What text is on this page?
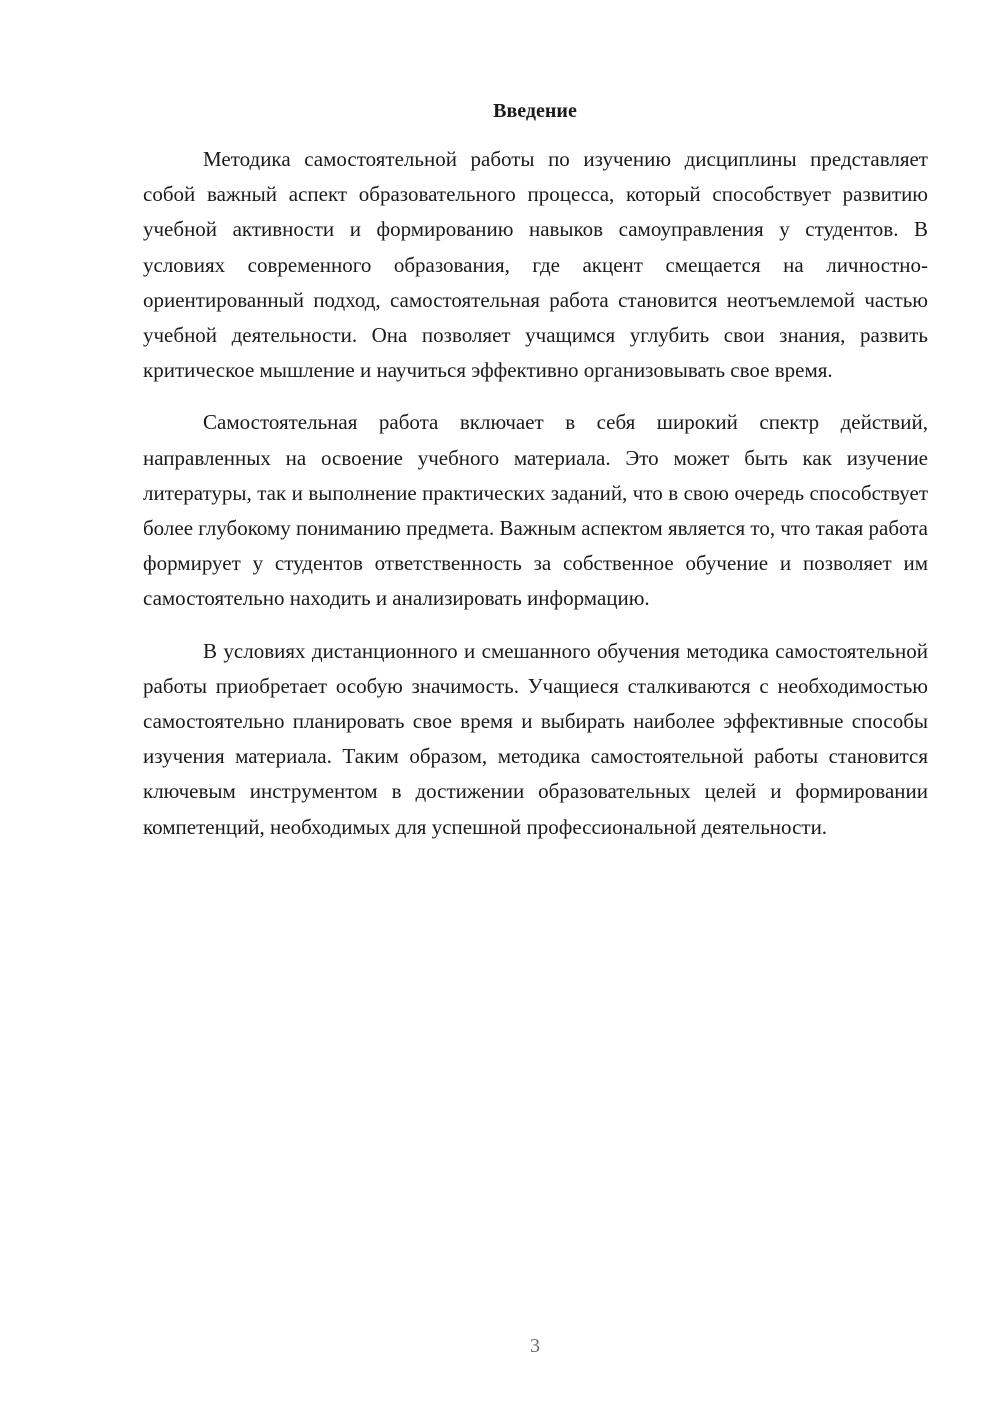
Введение

Методика самостоятельной работы по изучению дисциплины представляет собой важный аспект образовательного процесса, который способствует развитию учебной активности и формированию навыков самоуправления у студентов. В условиях современного образования, где акцент смещается на личностно-ориентированный подход, самостоятельная работа становится неотъемлемой частью учебной деятельности. Она позволяет учащимся углубить свои знания, развить критическое мышление и научиться эффективно организовывать свое время.

Самостоятельная работа включает в себя широкий спектр действий, направленных на освоение учебного материала. Это может быть как изучение литературы, так и выполнение практических заданий, что в свою очередь способствует более глубокому пониманию предмета. Важным аспектом является то, что такая работа формирует у студентов ответственность за собственное обучение и позволяет им самостоятельно находить и анализировать информацию.

В условиях дистанционного и смешанного обучения методика самостоятельной работы приобретает особую значимость. Учащиеся сталкиваются с необходимостью самостоятельно планировать свое время и выбирать наиболее эффективные способы изучения материала. Таким образом, методика самостоятельной работы становится ключевым инструментом в достижении образовательных целей и формировании компетенций, необходимых для успешной профессиональной деятельности.

3
